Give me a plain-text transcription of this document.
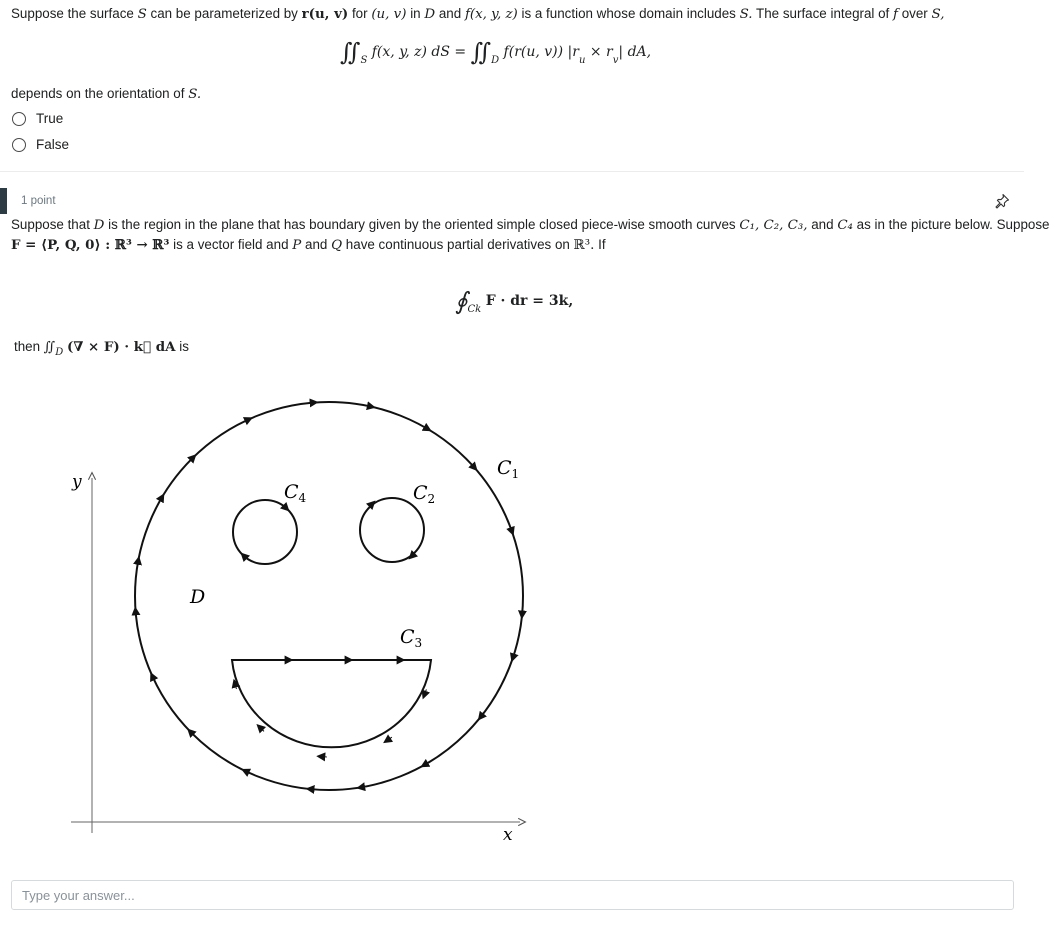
Suppose the surface S can be parameterized by r(u, v) for (u, v) in D and f(x, y, z) is a function whose domain includes S. The surface integral of f over S,
$∬_S$ f(x, y, z) dS = $∬_D$ f(r(u, v)) $|r_u \times r_v|$ dA,
depends on the orientation of S.
True
False
1 point
Suppose that D is the region in the plane that has boundary given by the oriented simple closed piece-wise smooth curves C₁, C₂, C₃, and C₄ as in the picture below. Suppose
F = ⟨P, Q, 0⟩ : ℝ³ → ℝ³ is a vector field and P and Q have continuous partial derivatives on ℝ³. If
$∮_{Ck}$ F · dr = 3k,
then $∬_D$ (∇ × F) · k⃗ dA is
y
x
D
$C_1$
$C_2$
$C_3$
$C_4$
Type your answer...
